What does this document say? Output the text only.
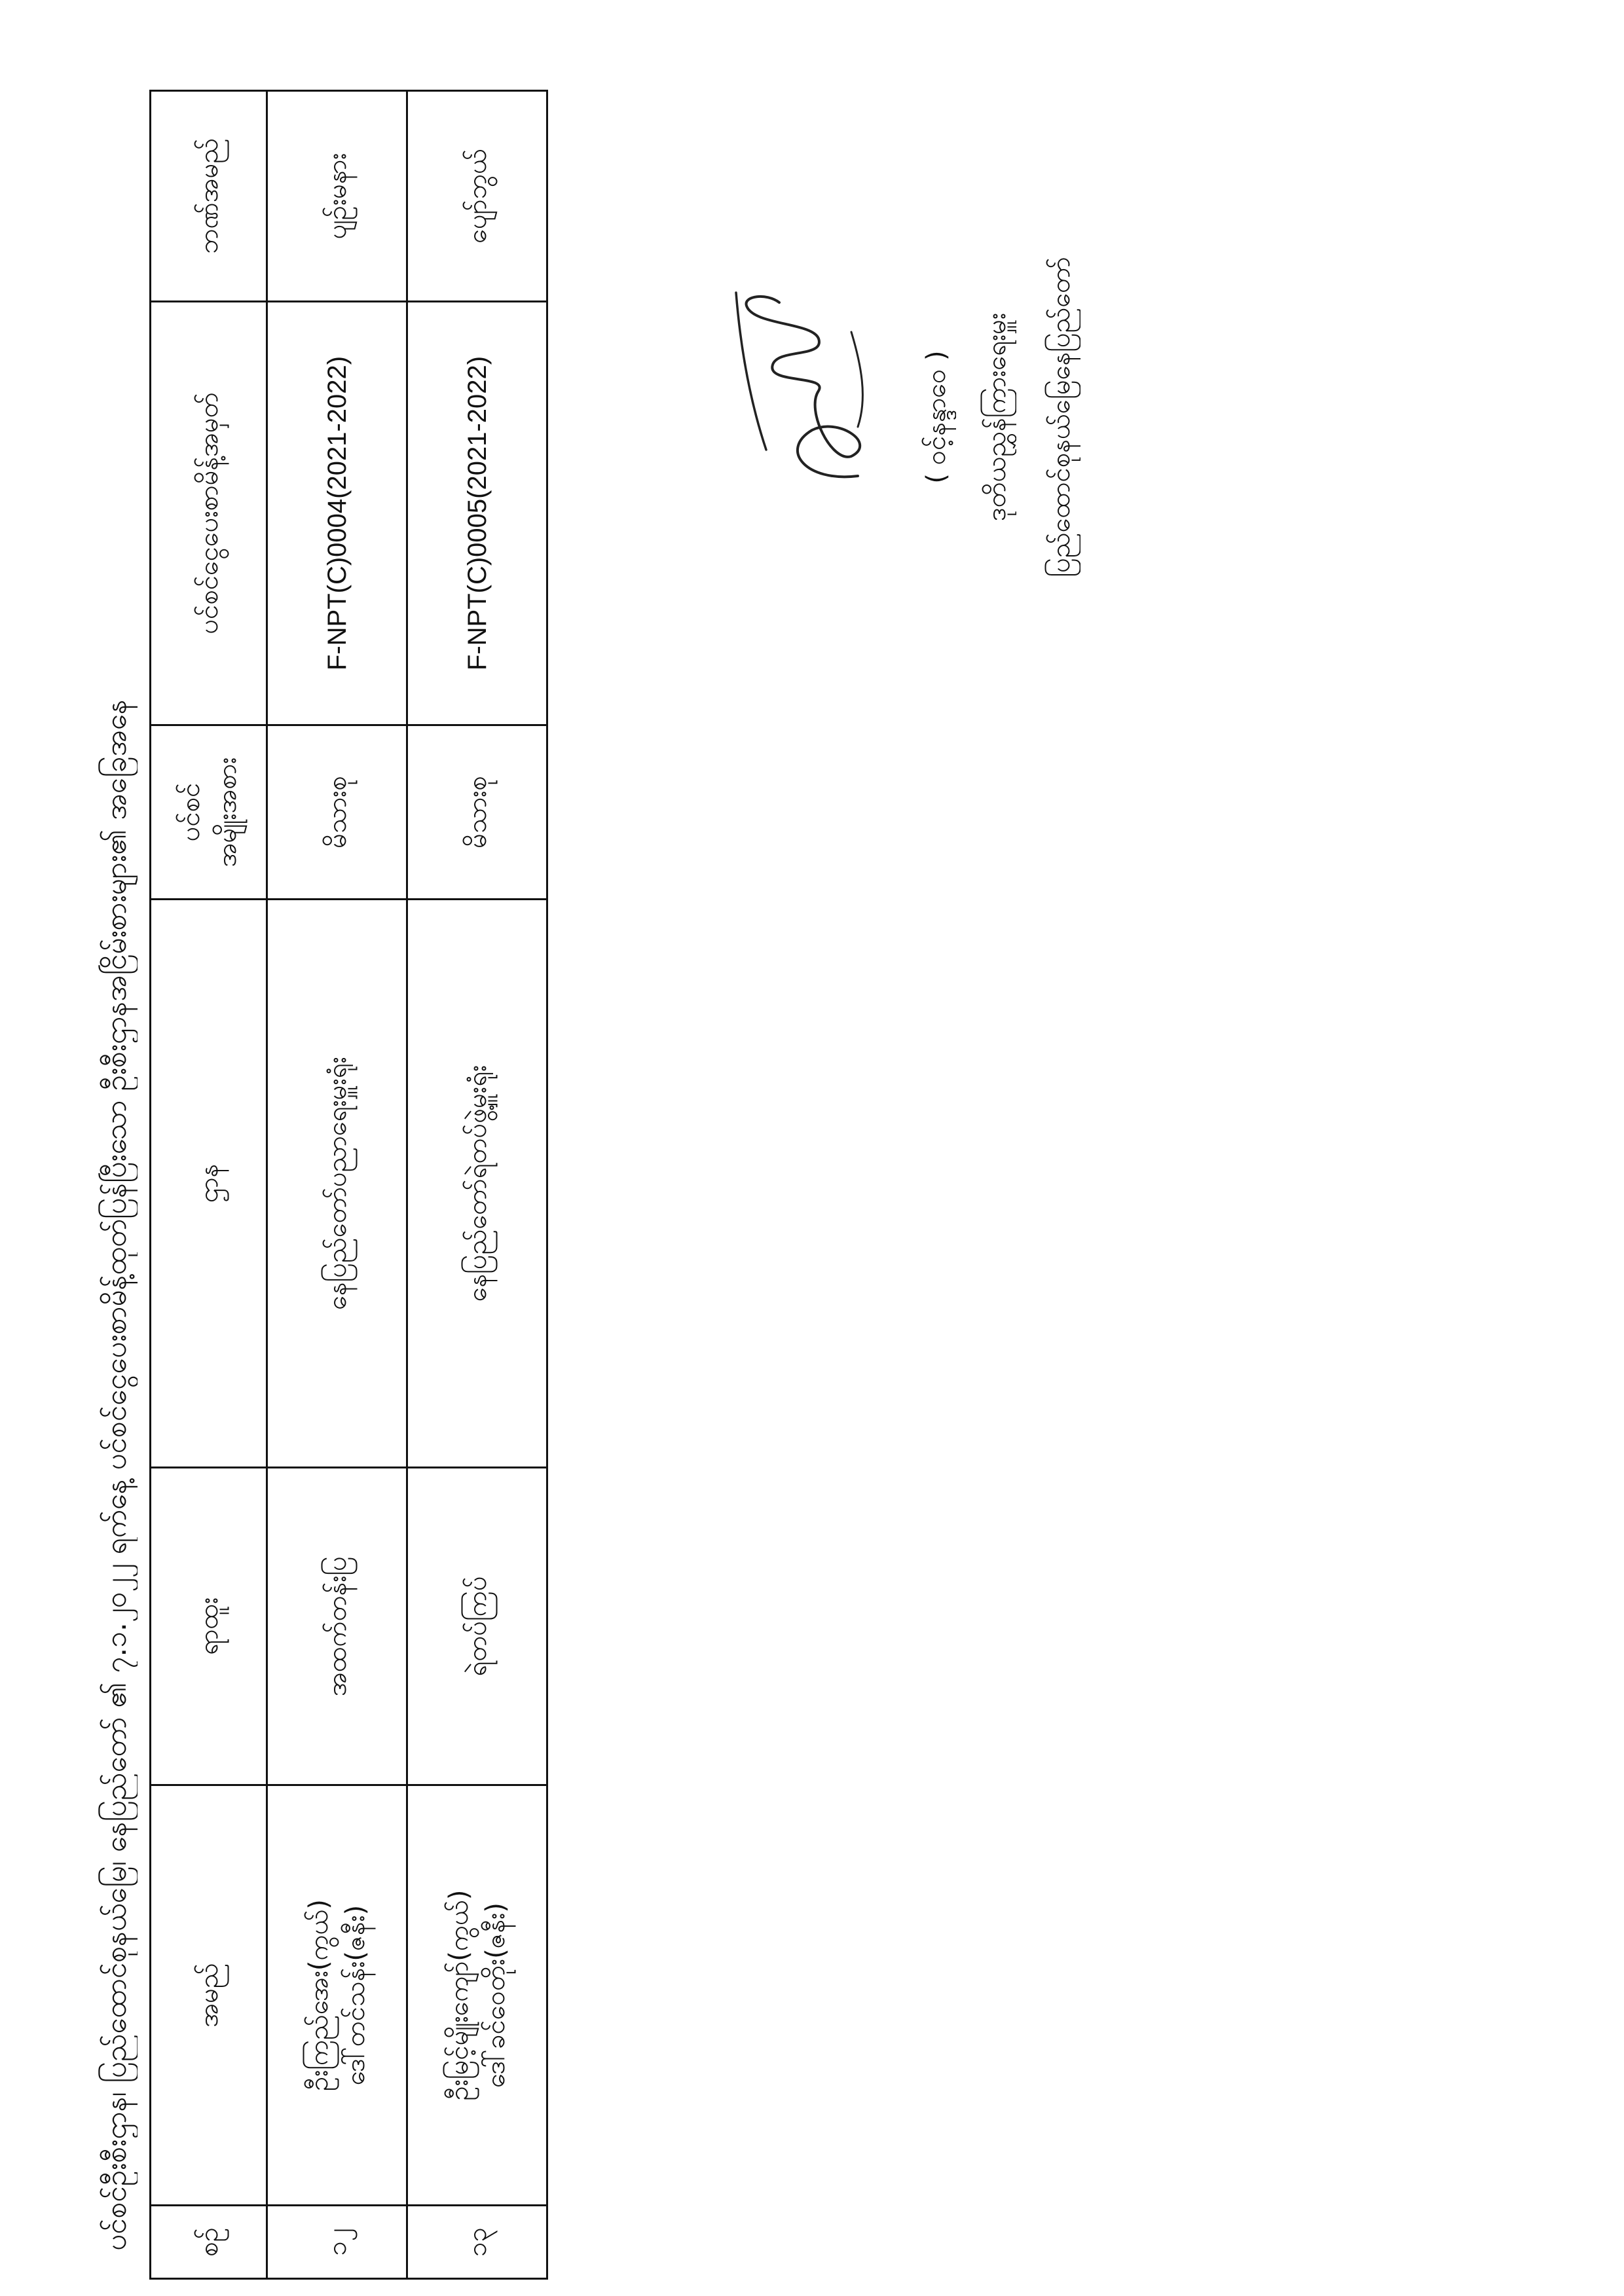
ပင်စင်ဦးစီးဌာန၊ ပြည်ထောင်စုနယ်မြေ၊ နေပြည်တော် ၏ ၇.၁.၂၀၂၂ ရက်နေ့ ပင်စင်ငွေပေးစာမိန့်ထုတ်ပြန်ပြီးသော ဦးစီးဌာနအငြိမ်းစားများ၏ အခြေအနေ	စဉ်
အမည်
ရာထူး
ဌာန
ပင်စင် အမျိုးအစား
ပင်စင်ငွေပေးစာမိန့်အမှတ်
ဘဏ်အမည်
၁၂
ဦးကြည်အေး(ကွယ်) ဒေါ်တင်သန်း(ဇနီး)
အထက်တန်းပြ
နေပြည်တော်ပညာရေးမှူးရုံး
မိသားစု
F-NPT(C)0004(2021-2022)
ပျဉ်းမနား
၁၃
ဦးမြင့်မျိုးကျော်(ကွယ်) ဒေါ်ခင်ဝေတိုး(ဇနီး)
ရဲတပ်ကြပ်
နေပြည်တော်ရဲတပ်ဖွဲ့မှူးရုံး
မိသားစု
F-NPT(C)0005(2021-2022)
ပျော်ဘွယ်
( ဝင့်နန္ဒာဝေ ) ဒုတိယညွှန်ကြားရေးမှူး ပြည်ထောင်စုနယ်မြေနေပြည်တော်
